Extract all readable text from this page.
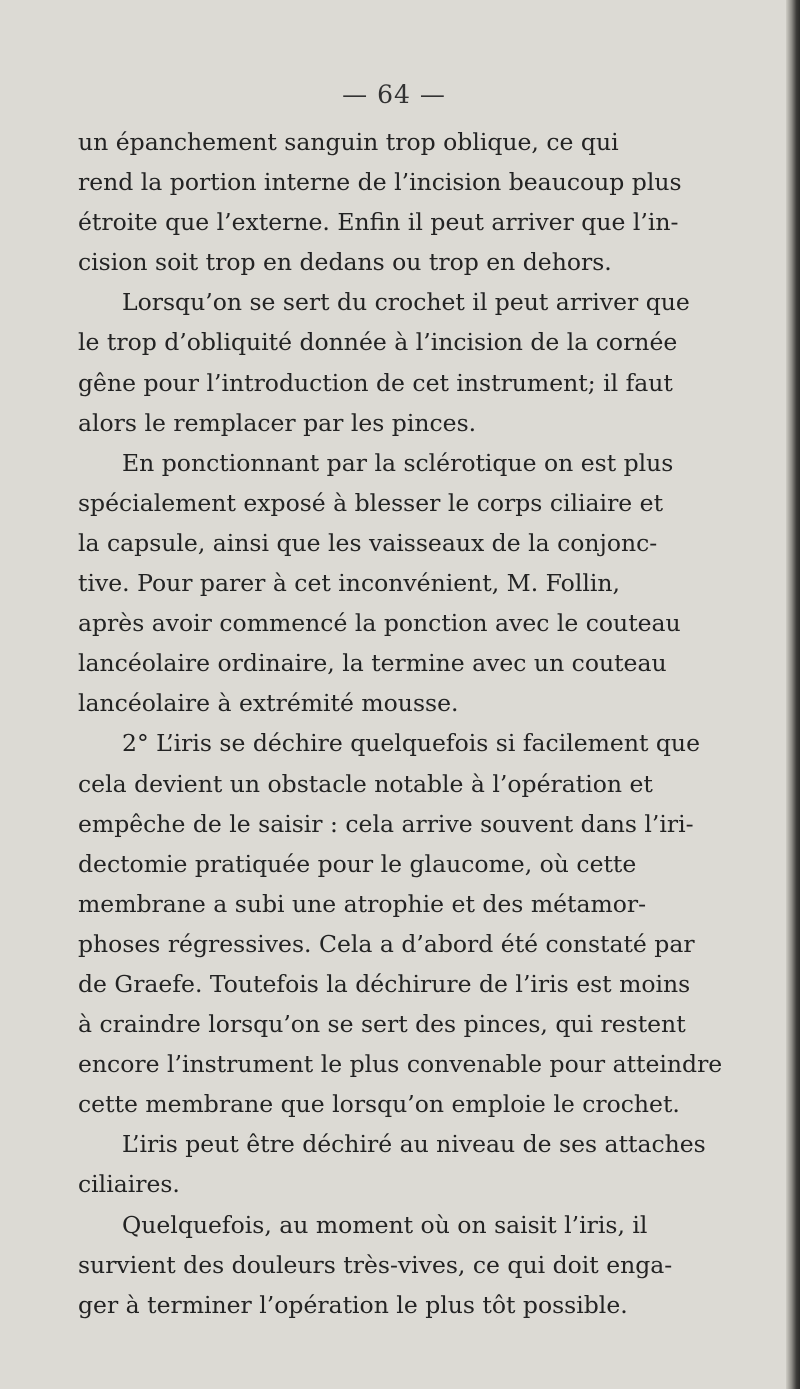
— 64 —
un épanchement sanguin trop oblique, ce qui
rend la portion interne de l’incision beaucoup plus
étroite que l’externe. Enfin il peut arriver que l’in-
cision soit trop en dedans ou trop en dehors.
Lorsqu’on se sert du crochet il peut arriver que
le trop d’obliquité donnée à l’incision de la cornée
gêne pour l’introduction de cet instrument; il faut
alors le remplacer par les pinces.
En ponctionnant par la sclérotique on est plus
spécialement exposé à blesser le corps ciliaire et
la capsule, ainsi que les vaisseaux de la conjonc-
tive. Pour parer à cet inconvénient, M. Follin,
après avoir commencé la ponction avec le couteau
lancéolaire ordinaire, la termine avec un couteau
lancéolaire à extrémité mousse.
2° L’iris se déchire quelquefois si facilement que
cela devient un obstacle notable à l’opération et
empêche de le saisir : cela arrive souvent dans l’iri-
dectomie pratiquée pour le glaucome, où cette
membrane a subi une atrophie et des métamor-
phoses régressives. Cela a d’abord été constaté par
de Graefe. Toutefois la déchirure de l’iris est moins
à craindre lorsqu’on se sert des pinces, qui restent
encore l’instrument le plus convenable pour atteindre
cette membrane que lorsqu’on emploie le crochet.
L’iris peut être déchiré au niveau de ses attaches
ciliaires.
Quelquefois, au moment où on saisit l’iris, il
survient des douleurs très-vives, ce qui doit enga-
ger à terminer l’opération le plus tôt possible.
